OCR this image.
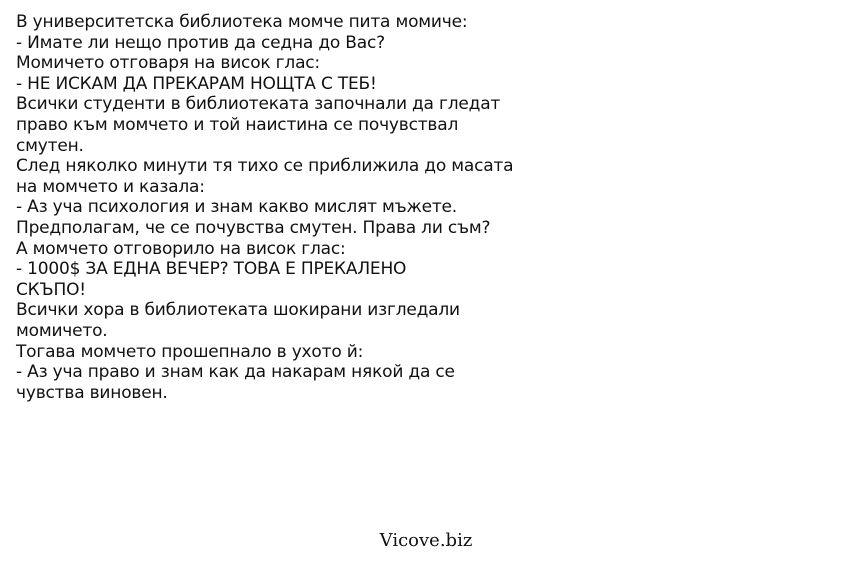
В университетска библиотека момче пита момиче:
- Имате ли нещо против да седна до Вас?
Момичето отговаря на висок глас:
- НЕ ИСКАМ ДА ПРЕКАРАМ НОЩТА С ТЕБ!
Всички студенти в библиотеката започнали да гледат
право към момчето и той наистина се почувствал
смутен.
След няколко минути тя тихо се приближила до масата
на момчето и казала:
- Аз уча психология и знам какво мислят мъжете.
Предполагам, че се почувства смутен. Права ли съм?
А момчето отговорило на висок глас:
- 1000$ ЗА ЕДНА ВЕЧЕР? ТОВА Е ПРЕКАЛЕНО
СКЪПО!
Всички хора в библиотеката шокирани изгледали
момичето.
Тогава момчето прошепнало в ухото й:
- Аз уча право и знам как да накарам някой да се
чувства виновен.

Vicove.biz
